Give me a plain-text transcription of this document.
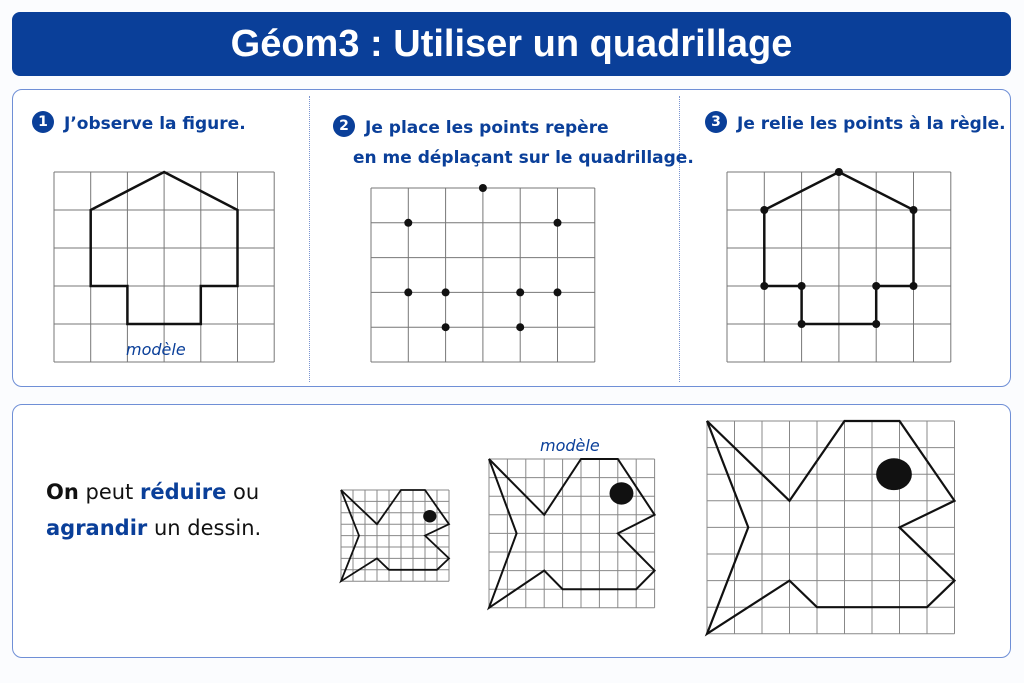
Géom3 : Utiliser un quadrillage
1 J’observe la figure.	2 Je place les points repère
en me déplaçant sur le quadrillage.
3 Je relie les points à la règle.
modèle
On peut réduire ou
agrandir un dessin.
modèle
